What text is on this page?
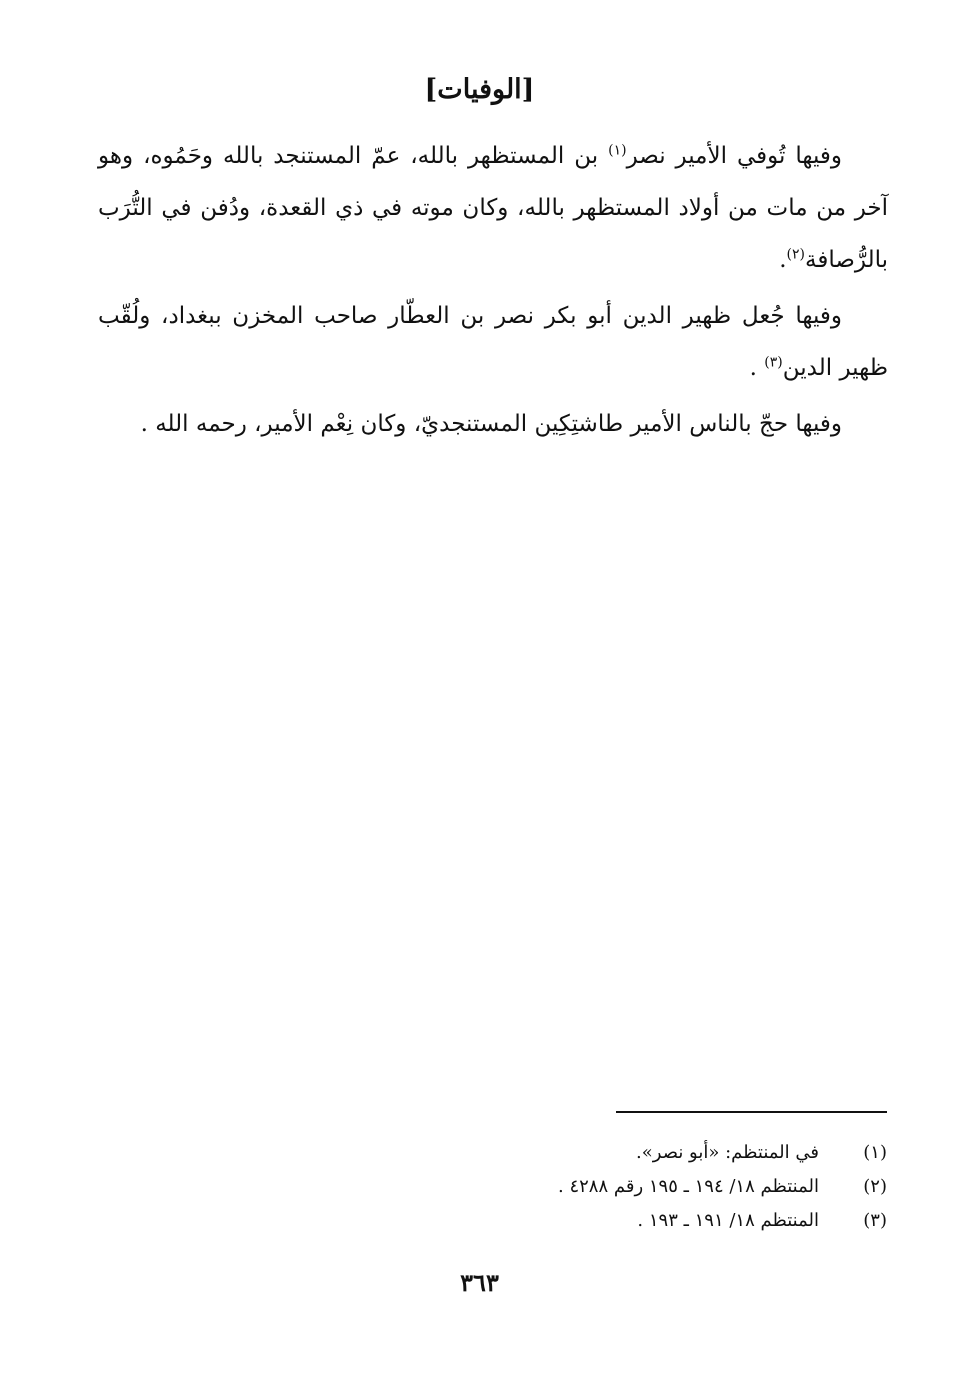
[الوفيات]

وفيها تُوفي الأمير نصر$^{(١)}$ بن المستظهر بالله، عمّ المستنجد بالله وحَمُوه، وهو آخر من مات من أولاد المستظهر بالله، وكان موته في ذي القعدة، ودُفن في التُّرَب بالرُّصافة$^{(٢)}$.

وفيها جُعل ظهير الدين أبو بكر نصر بن العطّار صاحب المخزن ببغداد، ولُقّب ظهير الدين$^{(٣)}$ .

وفيها حجّ بالناس الأمير طاشتِكِين المستنجديّ، وكان نِعْم الأمير، رحمه الله .

(١)
في المنتظم: «أبو نصر».
(٢)
المنتظم ١٨/ ١٩٤ ـ ١٩٥ رقم ٤٢٨٨ .
(٣)
المنتظم ١٨/ ١٩١ ـ ١٩٣ .
٣٦٣
